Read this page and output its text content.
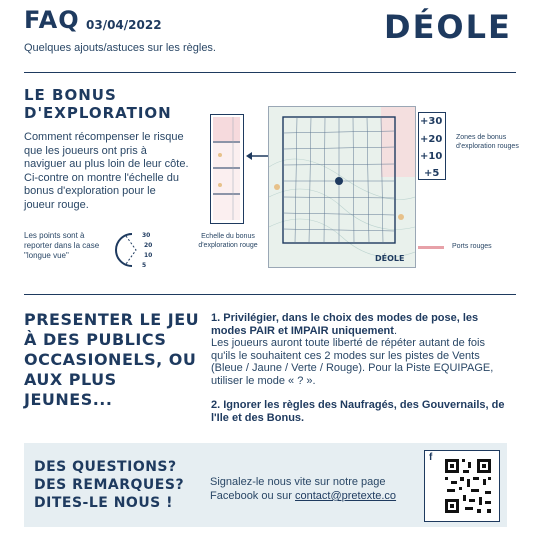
FAQ 03/04/2022
Quelques ajouts/astuces sur les règles.
DÉOLE
LE BONUS D'EXPLORATION
Comment récompenser le risque que les joueurs ont pris à naviguer au plus loin de leur côte. Ci-contre on montre l'échelle du bonus d'exploration pour le joueur rouge.
Les points sont à reporter dans la case "longue vue"
30
20
10
5
Echelle du bonus d'exploration rouge
DÉOLE
+30
+20
+10
+5
Zones de bonus d'exploration rouges
Ports rouges
PRESENTER LE JEU À DES PUBLICS OCCASIONELS, OU AUX PLUS JEUNES...
1. Privilégier, dans le choix des modes de pose, les modes PAIR et IMPAIR uniquement.
Les joueurs auront toute liberté de répéter autant de fois qu'ils le souhaitent ces 2 modes sur les pistes de Vents (Bleue / Jaune / Verte / Rouge). Pour la Piste EQUIPAGE, utiliser le mode « ? ».
2. Ignorer les règles des Naufragés, des Gouvernails, de l'Ile et des Bonus.
DES QUESTIONS? DES REMARQUES? DITES-LE NOUS !
Signalez-le nous vite sur notre page Facebook ou sur contact@pretexte.co
f
